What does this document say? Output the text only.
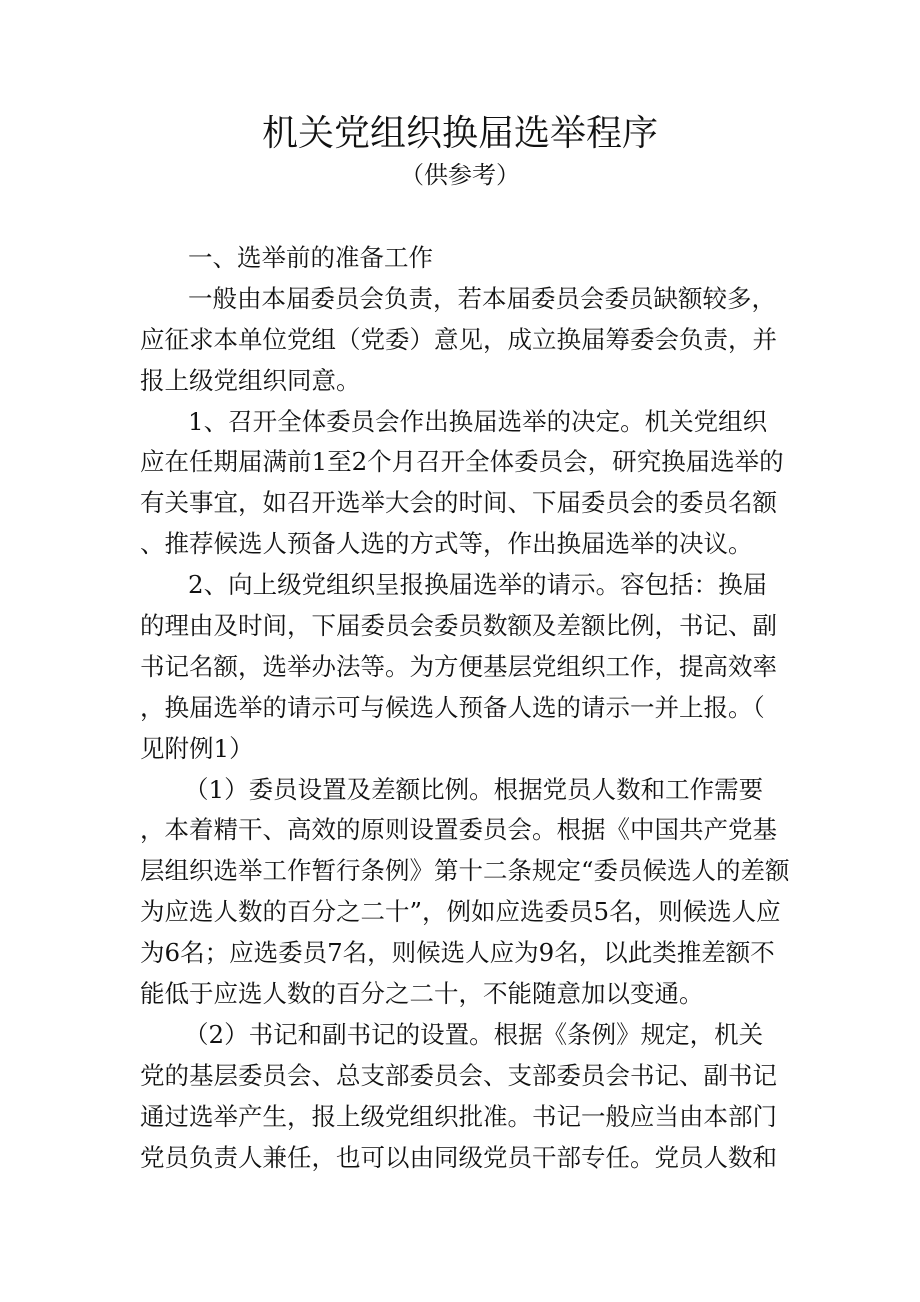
机关党组织换届选举程序
（供参考）
一、选举前的准备工作
一般由本届委员会负责，若本届委员会委员缺额较多，
应征求本单位党组（党委）意见，成立换届筹委会负责，并
报上级党组织同意。
1、召开全体委员会作出换届选举的决定。机关党组织
应在任期届满前1至2个月召开全体委员会，研究换届选举的
有关事宜，如召开选举大会的时间、下届委员会的委员名额
、推荐候选人预备人选的方式等，作出换届选举的决议。
2、向上级党组织呈报换届选举的请示。容包括：换届
的理由及时间，下届委员会委员数额及差额比例，书记、副
书记名额，选举办法等。为方便基层党组织工作，提高效率
，换届选举的请示可与候选人预备人选的请示一并上报。（
见附例1）
（1）委员设置及差额比例。根据党员人数和工作需要
，本着精干、高效的原则设置委员会。根据《中国共产党基
层组织选举工作暂行条例》第十二条规定“委员候选人的差额
为应选人数的百分之二十”，例如应选委员5名，则候选人应
为6名；应选委员7名，则候选人应为9名，以此类推差额不
能低于应选人数的百分之二十，不能随意加以变通。
（2）书记和副书记的设置。根据《条例》规定，机关
党的基层委员会、总支部委员会、支部委员会书记、副书记
通过选举产生，报上级党组织批准。书记一般应当由本部门
党员负责人兼任，也可以由同级党员干部专任。党员人数和
